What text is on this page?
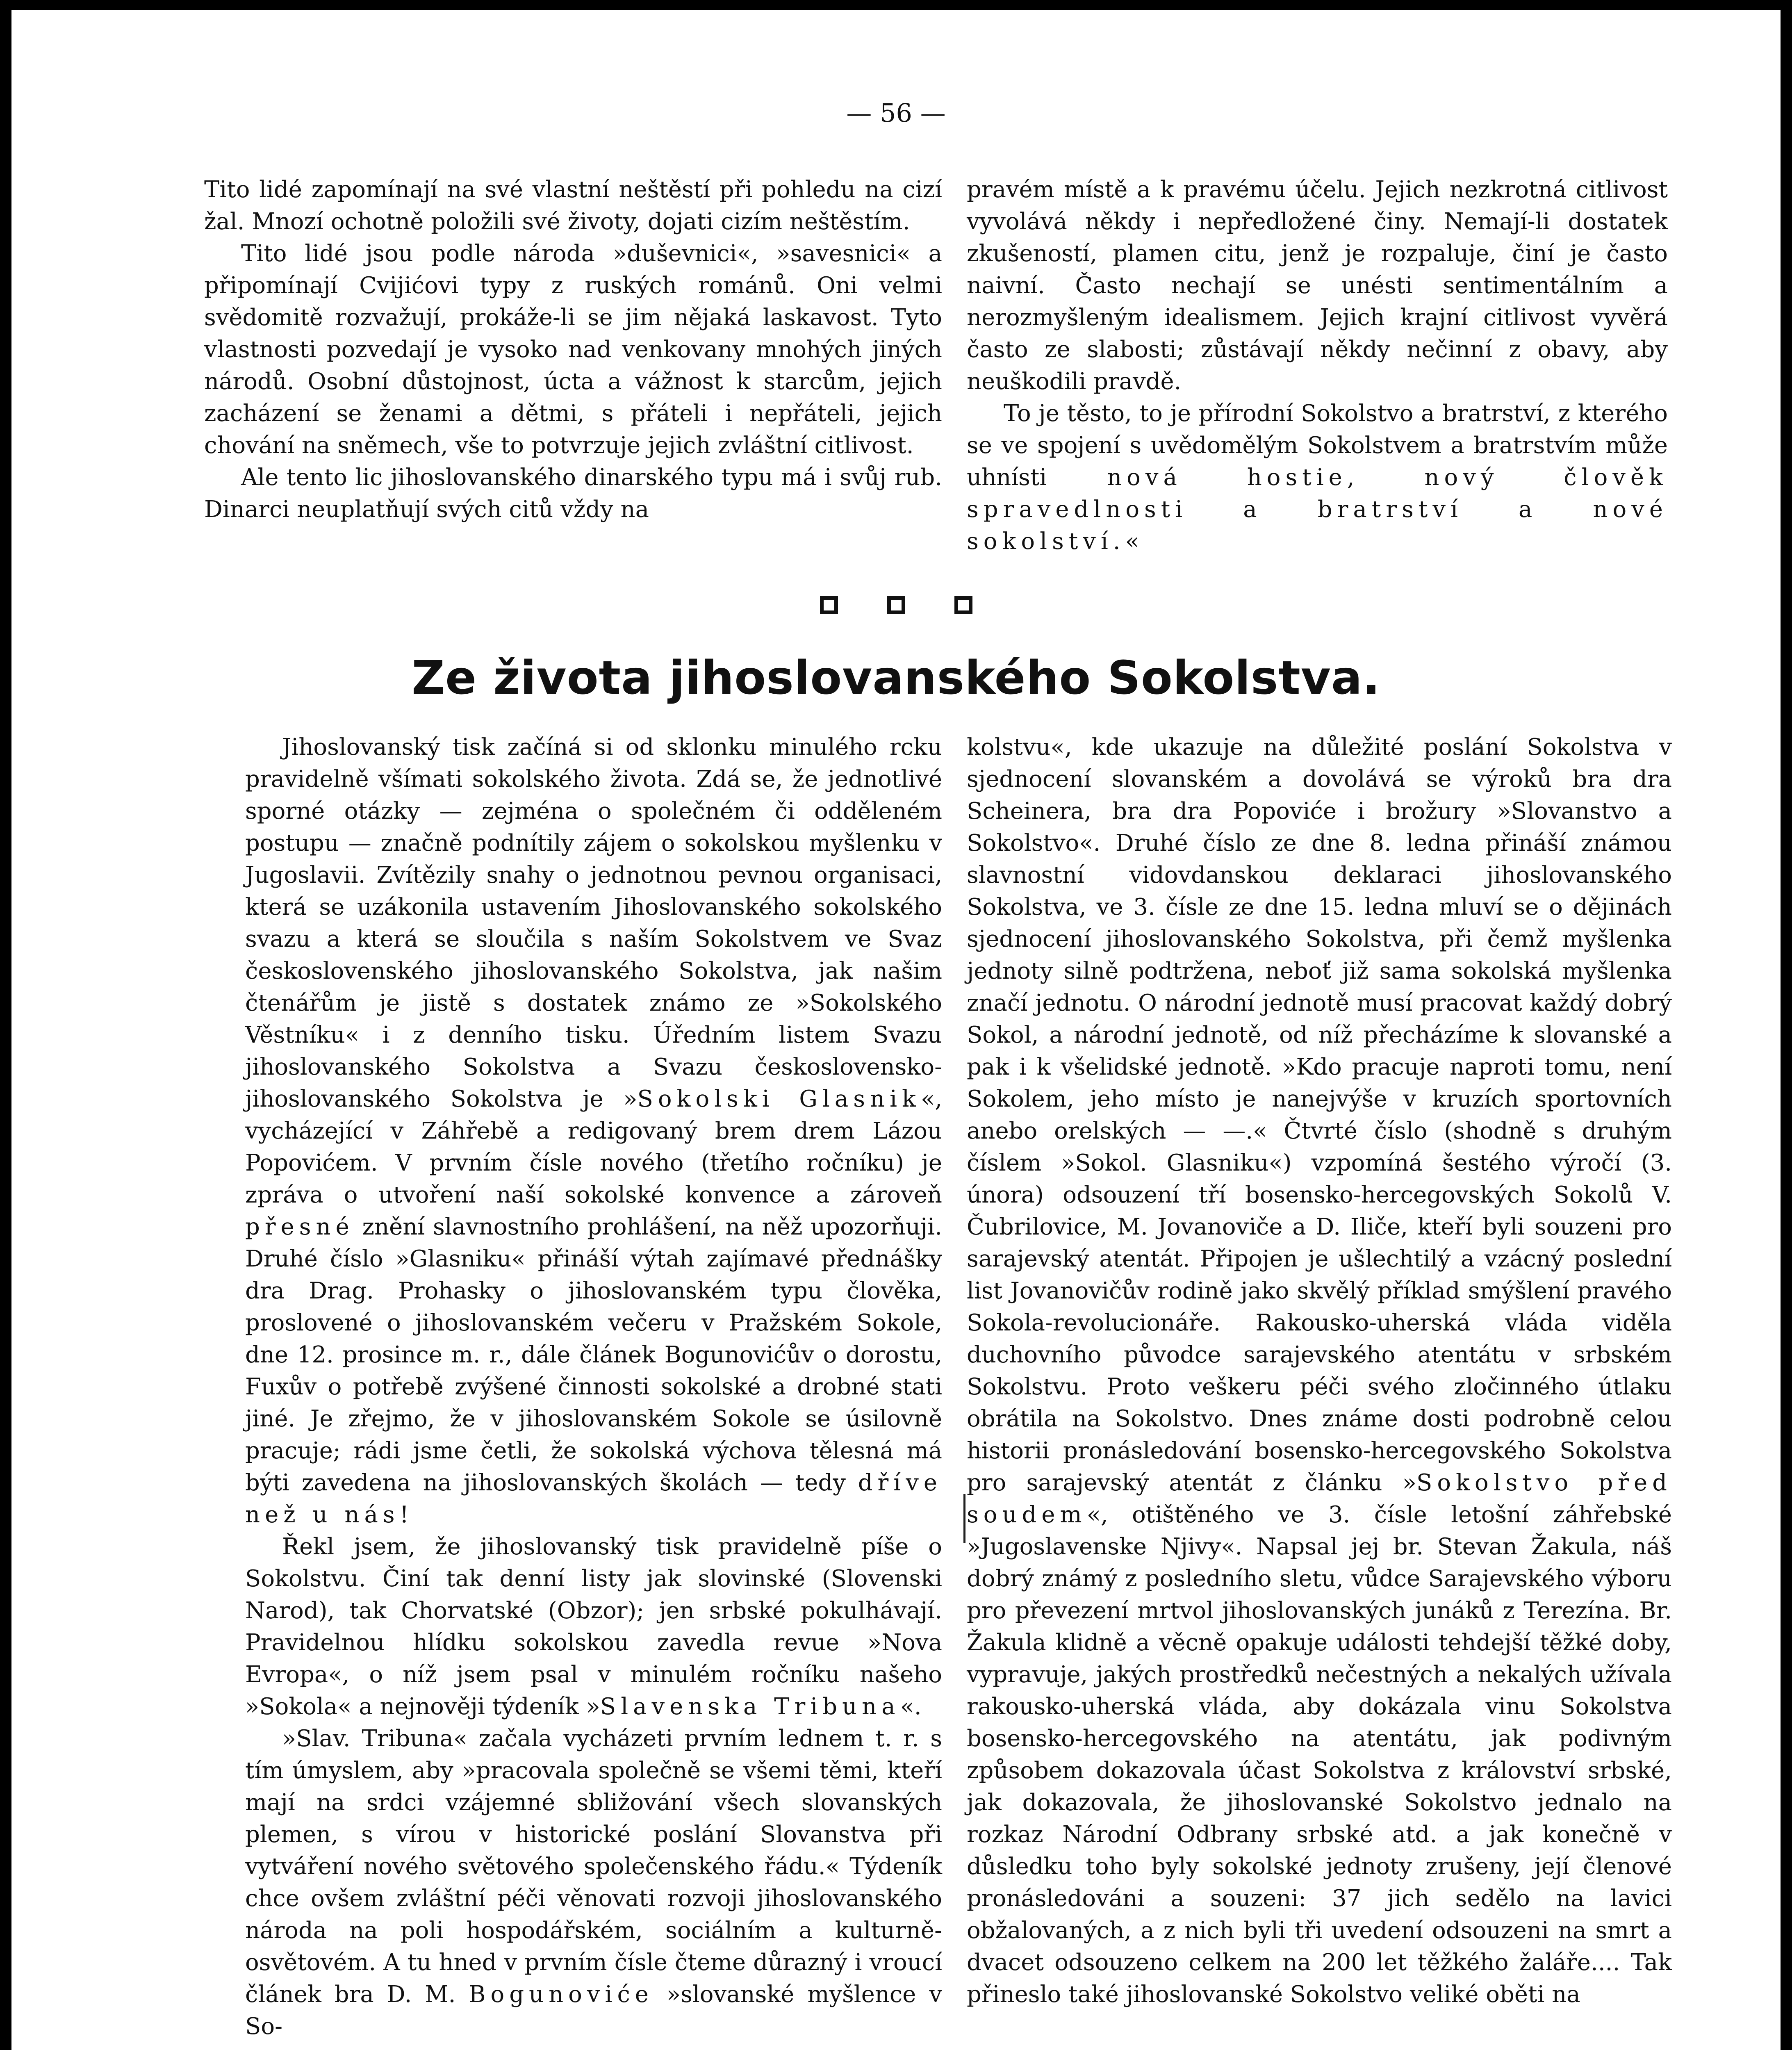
— 56 —

Tito lidé zapomínají na své vlastní neštěstí při pohledu na cizí žal. Mnozí ochotně položili své životy, dojati cizím neštěstím.

Tito lidé jsou podle národa »duševnici«, »savesnici« a připomínají Cvijićovi typy z ruských románů. Oni velmi svědomitě rozvažují, prokáže-li se jim nějaká laskavost. Tyto vlastnosti pozvedají je vysoko nad venkovany mnohých jiných národů. Osobní důstojnost, úcta a vážnost k starcům, jejich zacházení se ženami a dětmi, s přáteli i nepřáteli, jejich chování na sněmech, vše to potvrzuje jejich zvláštní citlivost.

Ale tento lic jihoslovanského dinarského typu má i svůj rub. Dinarci neuplatňují svých citů vždy na

pravém místě a k pravému účelu. Jejich nezkrotná citlivost vyvolává někdy i nepředložené činy. Nemají-li dostatek zkušeností, plamen citu, jenž je rozpaluje, činí je často naivní. Často nechají se unésti sentimentálním a nerozmyšleným idealismem. Jejich krajní citlivost vyvěrá často ze slabosti; zůstávají někdy nečinní z obavy, aby neuškodili pravdě.

To je těsto, to je přírodní Sokolstvo a bratrství, z kterého se ve spojení s uvědomělým Sokolstvem a bratrstvím může uhnísti	nová hostie, nový člověk spravedlnosti a bratrství a nové sokolství.«

Ze života jihoslovanského Sokolstva.

Jihoslovanský tisk začíná si od sklonku minulého rcku pravidelně všímati sokolského života. Zdá se, že jednotlivé sporné otázky — zejména o společném či odděleném postupu — značně podnítily zájem o sokolskou myšlenku v Jugoslavii. Zvítězily snahy o jednotnou pevnou organisaci, která se uzákonila ustavením Jihoslovanského sokolského svazu a která se sloučila s naším Sokolstvem ve Svaz československého jihoslovanského Sokolstva, jak našim čtenářům je jistě s dostatek známo ze »Sokolského Věstníku« i z denního tisku. Úředním listem Svazu jihoslovanského Sokolstva a Svazu československo-jihoslovanského Sokolstva je »Sokolski Glasnik«, vycházející v Záhřebě a redigovaný brem drem Lázou Popovićem. V prvním čísle nového (třetího ročníku) je zpráva o utvoření naší sokolské konvence a zároveň přesné znění slavnostního prohlášení, na něž upozorňuji. Druhé číslo »Glasniku« přináší výtah zajímavé přednášky dra Drag. Prohasky o jihoslovanském typu člověka, proslovené o jihoslovanském večeru v Pražském Sokole, dne 12. prosince m. r., dále článek Bogunovićův o dorostu, Fuxův o potřebě zvýšené činnosti sokolské a drobné stati jiné. Je zřejmo, že v jihoslovanském Sokole se úsilovně pracuje; rádi jsme četli, že sokolská výchova tělesná má býti zavedena na jihoslovanských školách — tedy dříve než u nás!

Řekl jsem, že jihoslovanský tisk pravidelně píše o Sokolstvu. Činí tak denní listy jak slovinské (Slovenski Narod), tak Chorvatské (Obzor); jen srbské pokulhávají. Pravidelnou hlídku sokolskou zavedla revue »Nova Evropa«, o níž jsem psal v minulém ročníku našeho »Sokola« a nejnověji týdeník »Slavenska Tribuna«.

»Slav. Tribuna« začala vycházeti prvním lednem t. r. s tím úmyslem, aby »pracovala společně se všemi těmi, kteří mají na srdci vzájemné sbližování všech slovanských plemen, s vírou v historické poslání Slovanstva při vytváření nového světového společenského řádu.« Týdeník chce ovšem zvláštní péči věnovati rozvoji jihoslovanského národa na poli hospodářském, sociálním a kulturně-osvětovém. A tu hned v prvním čísle čteme důrazný i vroucí článek bra D. M. Bogunoviće »slovanské myšlence v So-

kolstvu«, kde ukazuje na důležité poslání Sokolstva v sjednocení slovanském a dovolává se výroků bra dra Scheinera, bra dra Popoviće i brožury »Slovanstvo a Sokolstvo«. Druhé číslo ze dne 8. ledna přináší známou slavnostní vidovdanskou deklaraci jihoslovanského Sokolstva, ve 3. čísle ze dne 15. ledna mluví se o dějinách sjednocení jihoslovanského Sokolstva, při čemž myšlenka jednoty silně podtržena, neboť již sama sokolská myšlenka značí jednotu. O národní jednotě musí pracovat každý dobrý Sokol, a národní jednotě, od níž přecházíme k slovanské a pak i k všelidské jednotě. »Kdo pracuje naproti tomu, není Sokolem, jeho místo je nanejvýše v kruzích sportovních anebo orelských — —.« Čtvrté číslo (shodně s druhým číslem »Sokol. Glasniku«) vzpomíná šestého výročí (3. února) odsouzení tří bosensko-hercegovských Sokolů V. Čubrilovice, M. Jovanoviče a D. Iliče, kteří byli souzeni pro sarajevský atentát. Připojen je ušlechtilý a vzácný poslední list Jovanovičův rodině jako skvělý příklad smýšlení pravého Sokola-revolucionáře. Rakousko-uherská vláda viděla duchovního původce sarajevského atentátu v srbském Sokolstvu. Proto veškeru péči svého zločinného útlaku obrátila na Sokolstvo. Dnes známe dosti podrobně celou historii pronásledování bosensko-hercegovského Sokolstva pro sarajevský atentát z článku »Sokolstvo před soudem«, otištěného ve 3. čísle letošní záhřebské »Jugoslavenske Njivy«. Napsal jej br. Stevan Žakula, náš dobrý známý z posledního sletu, vůdce Sarajevského výboru pro převezení mrtvol jihoslovanských junáků z Terezína. Br. Žakula klidně a věcně opakuje události tehdejší těžké doby, vypravuje, jakých prostředků nečestných a nekalých užívala rakousko-uherská vláda, aby dokázala vinu Sokolstva bosensko-hercegovského na atentátu, jak podivným způsobem dokazovala účast Sokolstva z království srbské, jak dokazovala, že jihoslovanské Sokolstvo jednalo na rozkaz Národní Odbrany srbské atd. a jak konečně v důsledku toho byly sokolské jednoty zrušeny, její členové pronásledováni a souzeni: 37 jich sedělo na lavici obžalovaných, a z nich byli tři uvedení odsouzeni na smrt a dvacet odsouzeno celkem na 200 let těžkého žaláře.... Tak přineslo také jihoslovanské Sokolstvo veliké oběti na
